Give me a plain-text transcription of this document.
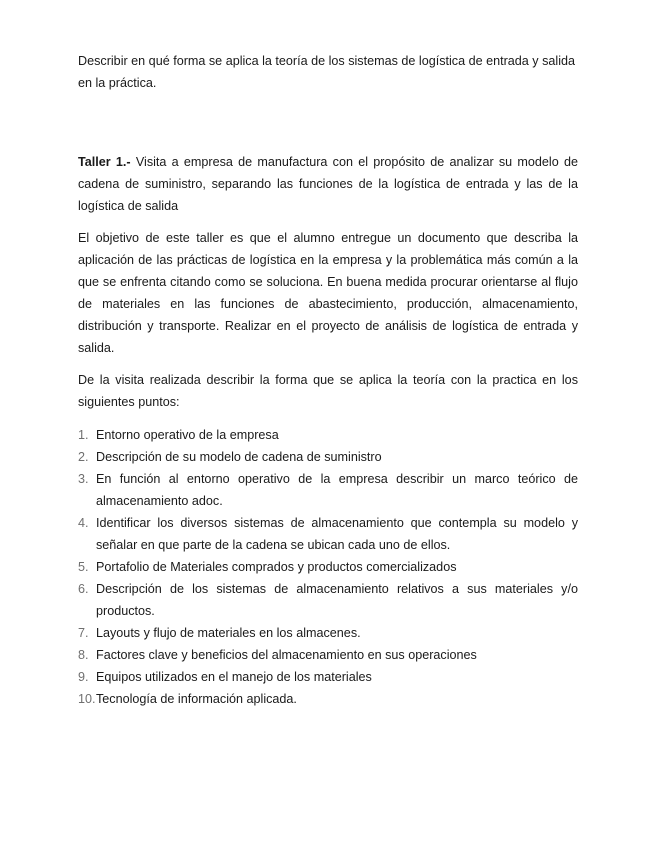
Describir en qué forma se aplica la teoría de los sistemas de logística de entrada y salida en la práctica.

Taller 1.- Visita a empresa de manufactura con el propósito de analizar su modelo de cadena de suministro, separando las funciones de la logística de entrada y las de la logística de salida

El objetivo de este taller es que el alumno entregue un documento que describa la aplicación de las prácticas de logística en la empresa y la problemática más común a la que se enfrenta citando como se soluciona. En buena medida procurar orientarse al flujo de materiales en las funciones de abastecimiento, producción, almacenamiento, distribución y transporte. Realizar en el proyecto de análisis de logística de entrada y salida.

De la visita realizada describir la forma que se aplica la teoría con la practica en los siguientes puntos:

1. Entorno operativo de la empresa
2. Descripción de su modelo de cadena de suministro
3. En función al entorno operativo de la empresa describir un marco teórico de almacenamiento adoc.
4. Identificar los diversos sistemas de almacenamiento que contempla su modelo y señalar en que parte de la cadena se ubican cada uno de ellos.
5. Portafolio de Materiales comprados y productos comercializados
6. Descripción de los sistemas de almacenamiento relativos a sus materiales y/o productos.
7. Layouts y flujo de materiales en los almacenes.
8. Factores clave y beneficios del almacenamiento en sus operaciones
9. Equipos utilizados en el manejo de los materiales
10. Tecnología de información aplicada.
